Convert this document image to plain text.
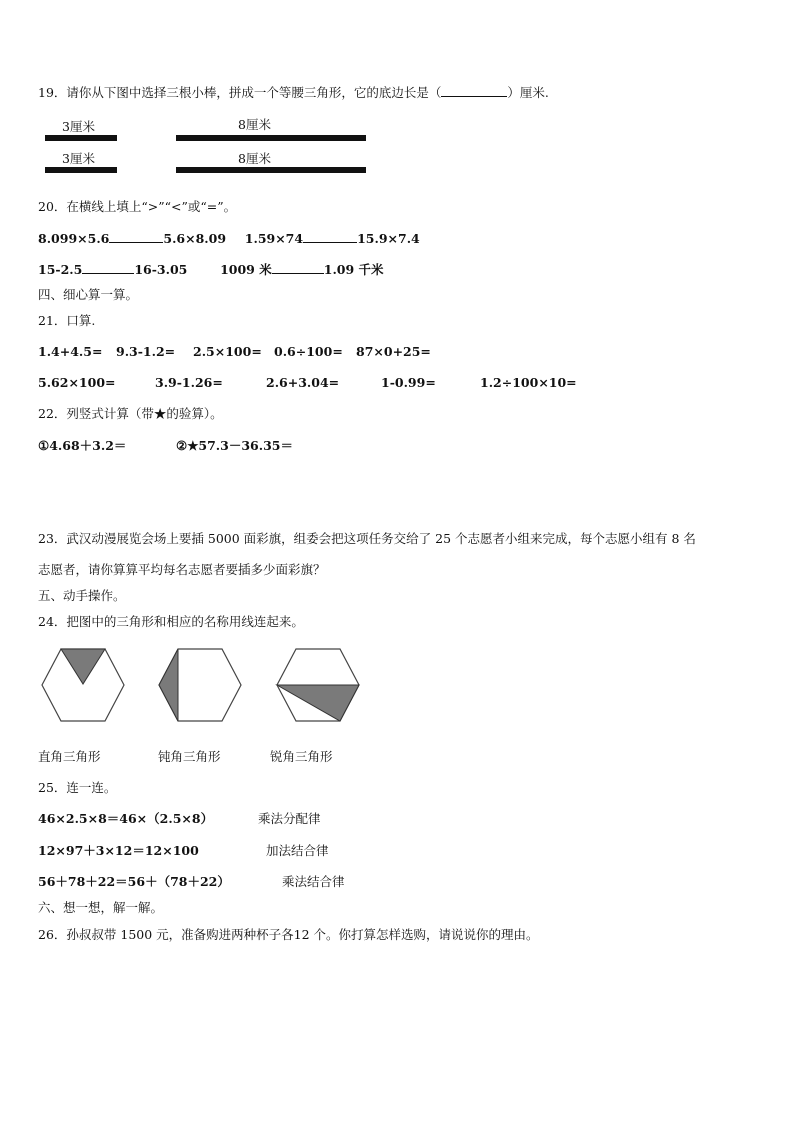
19．请你从下图中选择三根小棒，拼成一个等腰三角形，它的底边长是（	）厘米.
3厘米	8厘米
3厘米	8厘米
20．在横线上填上“>”“<”或“=”。
8.099×5.6	5.6×8.09 1.59×74	15.9×7.4
15-2.5	16-3.05	1009 米	1.09 千米
四、细心算一算。
21．口算.
1.4+4.5= 9.3-1.2= 2.5×100= 0.6÷100= 87×0+25=
5.62×100=	3.9-1.26=	2.6+3.04=	1-0.99=	1.2÷100×10=
22．列竖式计算（带★的验算）。
①4.68＋3.2＝	②★57.3－36.35＝
23．武汉动漫展览会场上要插 5000 面彩旗，组委会把这项任务交给了 25 个志愿者小组来完成，每个志愿小组有 8 名
志愿者，请你算算平均每名志愿者要插多少面彩旗？
五、动手操作。
24．把图中的三角形和相应的名称用线连起来。
直角三角形	钝角三角形	锐角三角形
25．连一连。
46×2.5×8＝46×（2.5×8）	乘法分配律
12×97＋3×12＝12×100	加法结合律
56＋78＋22＝56＋（78＋22）	乘法结合律
六、想一想，解一解。
26．孙叔叔带 1500 元，准备购进两种杯子各12 个。你打算怎样选购，请说说你的理由。
